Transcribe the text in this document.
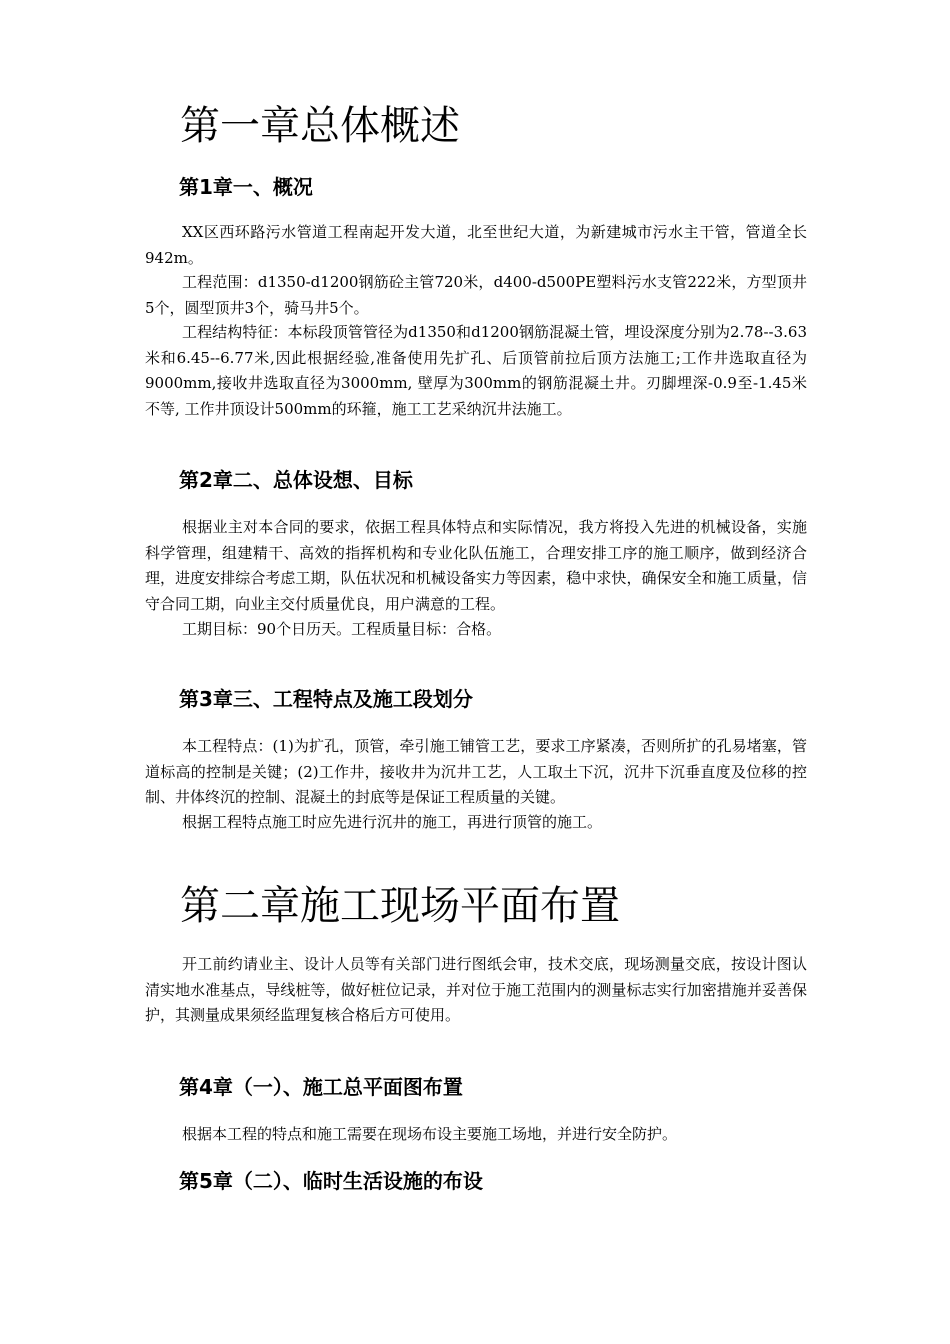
第一章总体概述
第1章一、概况

XX区西环路污水管道工程南起开发大道，北至世纪大道，为新建城市污水主干管，管道全长942m。

工程范围：d1350-d1200钢筋砼主管720米，d400-d500PE塑料污水支管222米，方型顶井5个，圆型顶井3个，骑马井5个。

工程结构特征：本标段顶管管径为d1350和d1200钢筋混凝土管，埋设深度分别为2.78--3.63米和6.45--6.77米,因此根据经验,准备使用先扩孔、后顶管前拉后顶方法施工;工作井选取直径为9000mm,接收井选取直径为3000mm, 壁厚为300mm的钢筋混凝土井。刃脚埋深-0.9至-1.45米不等, 工作井顶设计500mm的环箍，施工工艺采纳沉井法施工。

第2章二、总体设想、目标

根据业主对本合同的要求，依据工程具体特点和实际情况，我方将投入先进的机械设备，实施科学管理，组建精干、高效的指挥机构和专业化队伍施工，合理安排工序的施工顺序，做到经济合理，进度安排综合考虑工期，队伍状况和机械设备实力等因素，稳中求快，确保安全和施工质量，信守合同工期，向业主交付质量优良，用户满意的工程。

工期目标：90个日历天。工程质量目标：合格。

第3章三、工程特点及施工段划分

本工程特点：(1)为扩孔，顶管，牵引施工铺管工艺，要求工序紧凑，否则所扩的孔易堵塞，管道标高的控制是关键；(2)工作井，接收井为沉井工艺，人工取土下沉，沉井下沉垂直度及位移的控制、井体终沉的控制、混凝土的封底等是保证工程质量的关键。

根据工程特点施工时应先进行沉井的施工，再进行顶管的施工。

第二章施工现场平面布置

开工前约请业主、设计人员等有关部门进行图纸会审，技术交底，现场测量交底，按设计图认清实地水准基点，导线桩等，做好桩位记录，并对位于施工范围内的测量标志实行加密措施并妥善保护，其测量成果须经监理复核合格后方可使用。

第4章（一）、施工总平面图布置

根据本工程的特点和施工需要在现场布设主要施工场地，并进行安全防护。

第5章（二）、临时生活设施的布设
